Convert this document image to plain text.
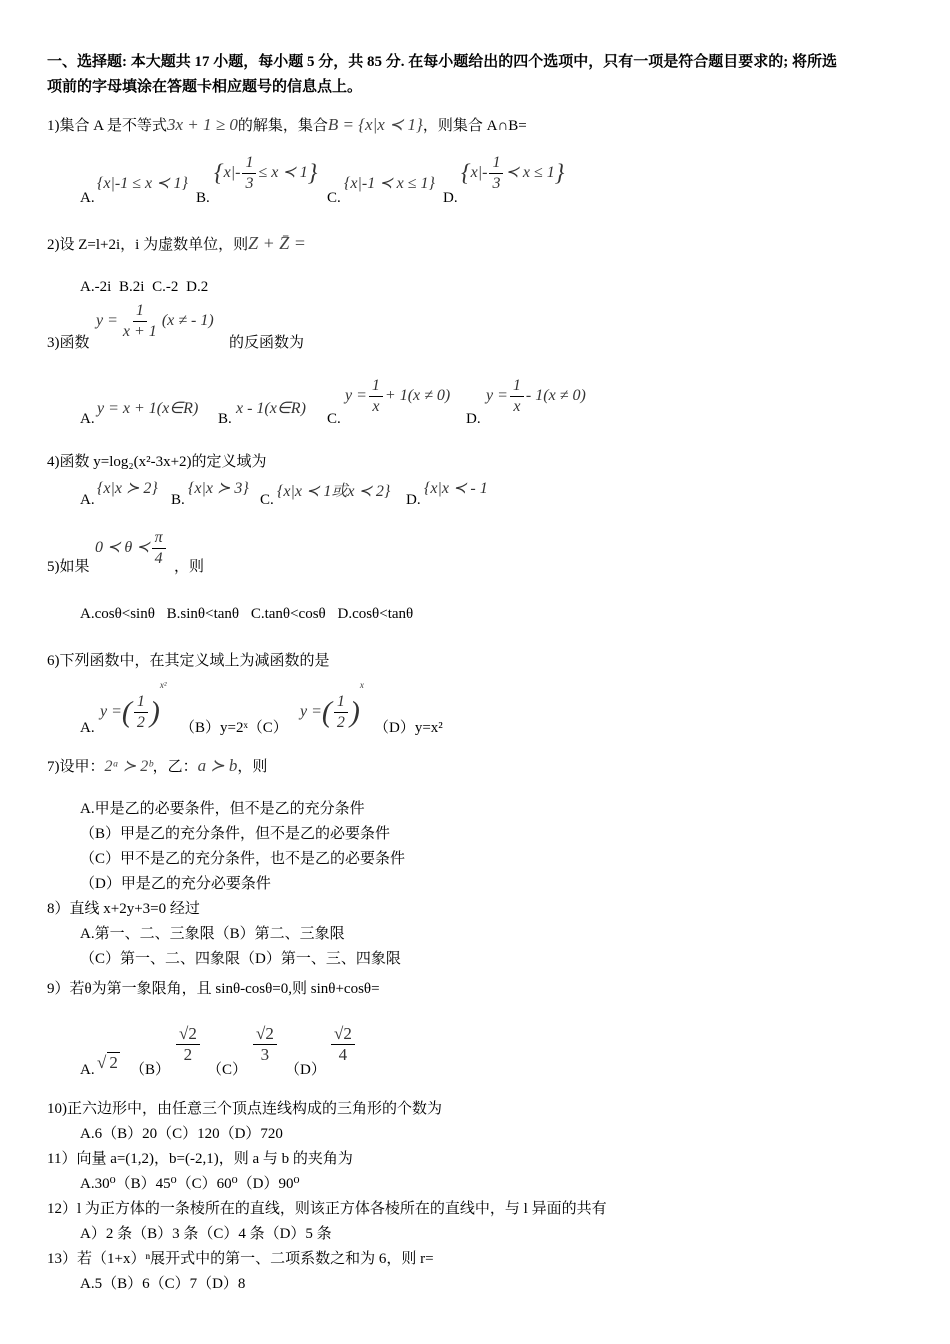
一、选择题: 本大题共 17 小题，每小题 5 分，共 85 分. 在每小题给出的四个选项中，只有一项是符合题目要求的; 将所选
项前的字母填涂在答题卡相应题号的信息点上。
1)集合 A 是不等式3x + 1 ≥ 0的解集，集合B = {x|x ≺ 1}，则集合 A∩B=
A.
{x|-1 ≤ x ≺ 1}
B.
{$x|- \frac{1}{3} \le x$ ≺ 1}
C.
{x|-1 ≺ x ≤ 1}
D.
{$x|- \frac{1}{3}$ ≺ x ≤ 1}
2)设 Z=l+2i，i 为虚数单位，则Z + Z̄ =
A.-2i B.2i C.-2 D.2
$y = \frac{1}{x + 1} (x$ ≠ - 1)
3)函数	的反函数为
A.
y = x + 1(x∈R)
B.
x - 1(x∈R)
C.
$y = \frac{1}{x} + 1(x \ne 0)$
D.
$y = \frac{1}{x} - 1(x \ne 0)$
4)函数 y=log₂(x²-3x+2)的定义域为
A.
{x|x ≻ 2}
B.
{x|x ≻ 3}
C. {x|x ≺ 1或x ≺ 2} D.
{x|x ≺ - 1
0 ≺ θ ≺ $\frac{\pi}{4}$
5)如果	，则
A.cosθ<sinθ B.sinθ<tanθ C.tanθ<cosθ D.cosθ<tanθ
6)下列函数中，在其定义域上为减函数的是
A.
y =( $\frac{1}{2} )^{x^2}$
（B）y=2ˣ（C）
y =( $\frac{1}{2} )^x$
（D）y=x²
7)设甲：2ᵃ ≻ 2ᵇ，乙：a ≻ b，则
A.甲是乙的必要条件，但不是乙的充分条件
（B）甲是乙的充分条件，但不是乙的必要条件
（C）甲不是乙的充分条件，也不是乙的必要条件
（D）甲是乙的充分必要条件
8）直线 x+2y+3=0 经过
A.第一、二、三象限（B）第二、三象限
（C）第一、二、四象限（D）第一、三、四象限
9）若θ为第一象限角，且 sinθ-cosθ=0,则 sinθ+cosθ=
A. √ 2 （B）
$\frac{√2}{2}$
（C）
$\frac{√2}{3}$
（D）
$\frac{√2}{4}$
10)正六边形中，由任意三个顶点连线构成的三角形的个数为
A.6（B）20（C）120（D）720
11）向量 a=(1,2)，b=(-2,1)，则 a 与 b 的夹角为
A.30⁰（B）45⁰（C）60⁰（D）90⁰
12）l 为正方体的一条棱所在的直线，则该正方体各棱所在的直线中，与 l 异面的共有
A）2 条（B）3 条（C）4 条（D）5 条
13）若（1+x）ⁿ展开式中的第一、二项系数之和为 6，则 r=
A.5（B）6（C）7（D）8
